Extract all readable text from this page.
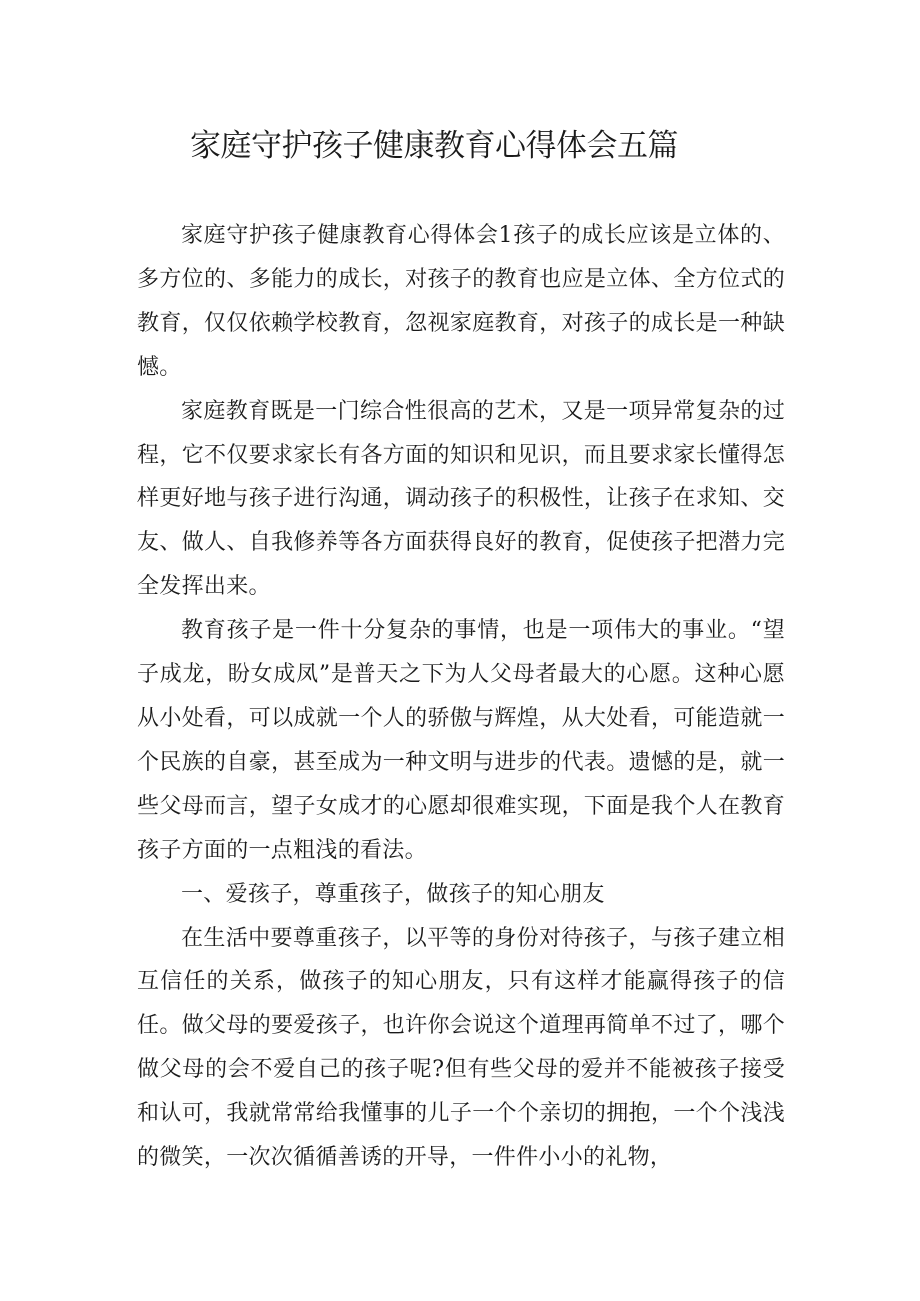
家庭守护孩子健康教育心得体会五篇

家庭守护孩子健康教育心得体会1孩子的成长应该是立体的、多方位的、多能力的成长，对孩子的教育也应是立体、全方位式的教育，仅仅依赖学校教育，忽视家庭教育，对孩子的成长是一种缺憾。

家庭教育既是一门综合性很高的艺术，又是一项异常复杂的过程，它不仅要求家长有各方面的知识和见识，而且要求家长懂得怎样更好地与孩子进行沟通，调动孩子的积极性，让孩子在求知、交友、做人、自我修养等各方面获得良好的教育，促使孩子把潜力完全发挥出来。

教育孩子是一件十分复杂的事情，也是一项伟大的事业。“望子成龙，盼女成凤”是普天之下为人父母者最大的心愿。这种心愿从小处看，可以成就一个人的骄傲与辉煌，从大处看，可能造就一个民族的自豪，甚至成为一种文明与进步的代表。遗憾的是，就一些父母而言，望子女成才的心愿却很难实现，下面是我个人在教育孩子方面的一点粗浅的看法。

一、爱孩子，尊重孩子，做孩子的知心朋友

在生活中要尊重孩子，以平等的身份对待孩子，与孩子建立相互信任的关系，做孩子的知心朋友，只有这样才能赢得孩子的信任。做父母的要爱孩子，也许你会说这个道理再简单不过了，哪个做父母的会不爱自己的孩子呢?但有些父母的爱并不能被孩子接受和认可，我就常常给我懂事的儿子一个个亲切的拥抱，一个个浅浅的微笑，一次次循循善诱的开导，一件件小小的礼物，
